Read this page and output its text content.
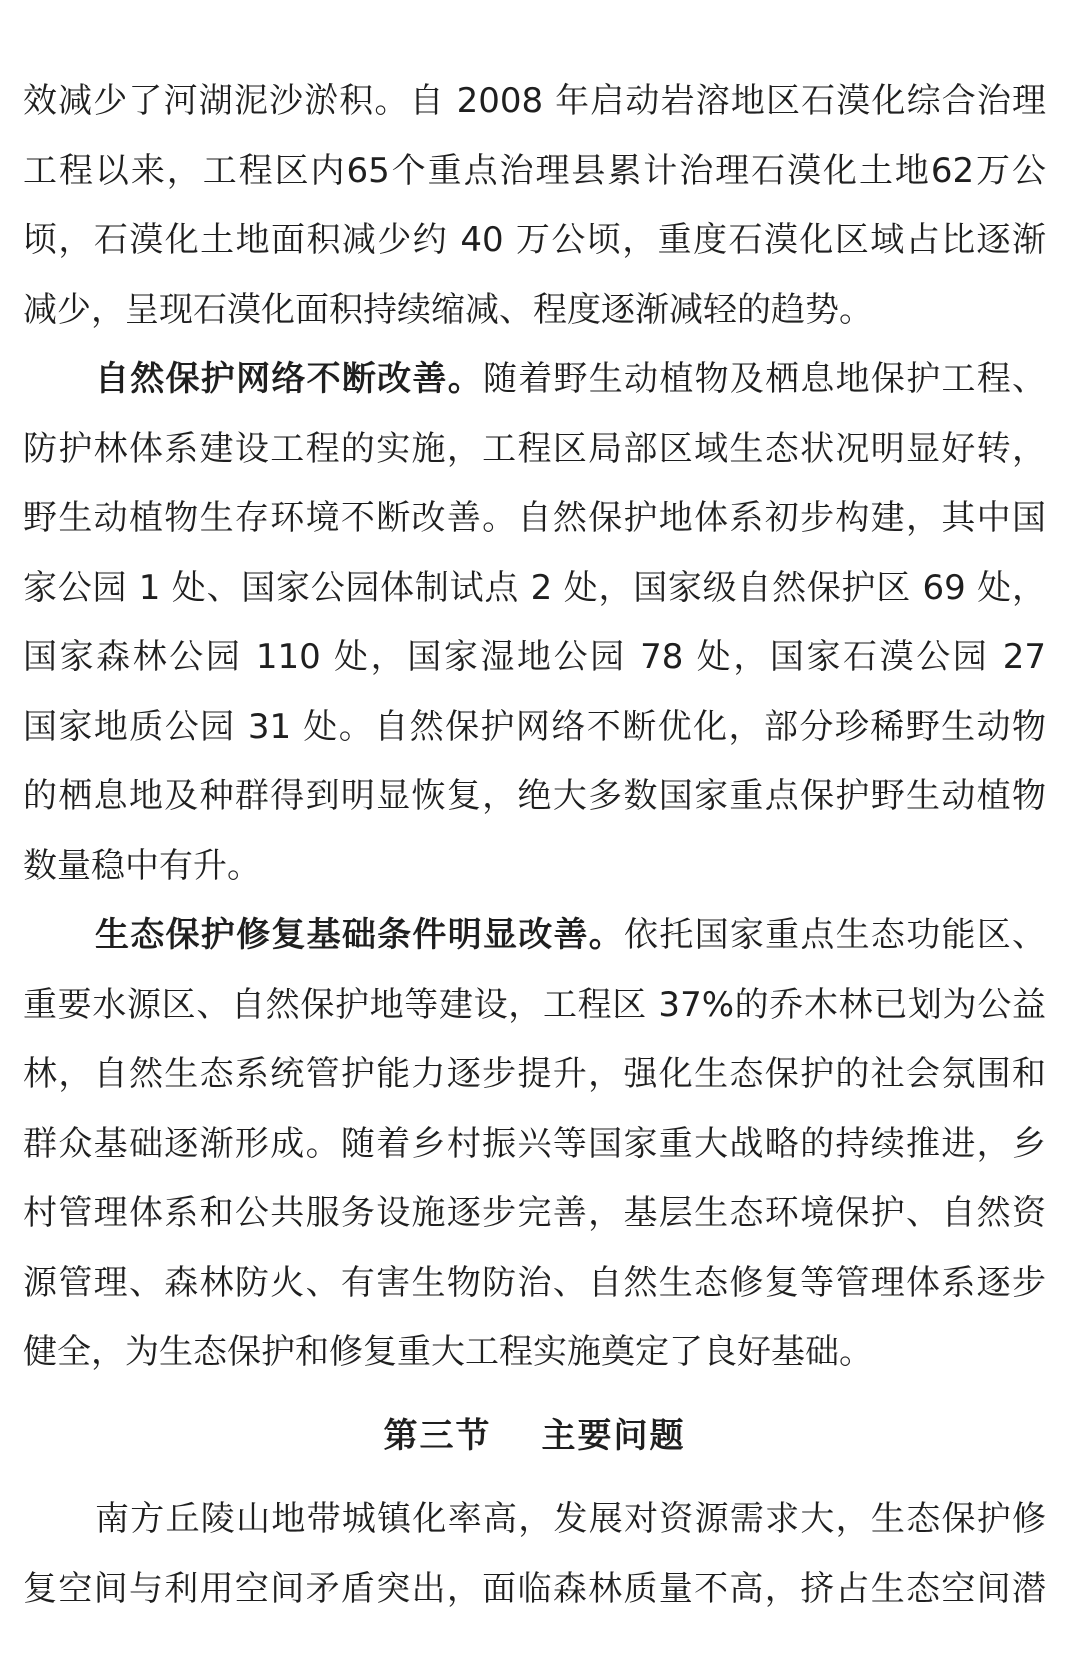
效减少了河湖泥沙淤积。自 2008 年启动岩溶地区石漠化综合治理
工程以来，工程区内65个重点治理县累计治理石漠化土地62万公
顷，石漠化土地面积减少约 40 万公顷，重度石漠化区域占比逐渐
减少，呈现石漠化面积持续缩减、程度逐渐减轻的趋势。
自然保护网络不断改善。随着野生动植物及栖息地保护工程、
防护林体系建设工程的实施，工程区局部区域生态状况明显好转，
野生动植物生存环境不断改善。自然保护地体系初步构建，其中国
家公园 1 处、国家公园体制试点 2 处，国家级自然保护区 69 处，
国家森林公园 110 处，国家湿地公园 78 处，国家石漠公园 27
国家地质公园 31 处。自然保护网络不断优化，部分珍稀野生动物
的栖息地及种群得到明显恢复，绝大多数国家重点保护野生动植物
数量稳中有升。
生态保护修复基础条件明显改善。依托国家重点生态功能区、
重要水源区、自然保护地等建设，工程区 37%的乔木林已划为公益
林，自然生态系统管护能力逐步提升，强化生态保护的社会氛围和
群众基础逐渐形成。随着乡村振兴等国家重大战略的持续推进，乡
村管理体系和公共服务设施逐步完善，基层生态环境保护、自然资
源管理、森林防火、有害生物防治、自然生态修复等管理体系逐步
健全，为生态保护和修复重大工程实施奠定了良好基础。
第三节 主要问题
南方丘陵山地带城镇化率高，发展对资源需求大，生态保护修
复空间与利用空间矛盾突出，面临森林质量不高，挤占生态空间潜
